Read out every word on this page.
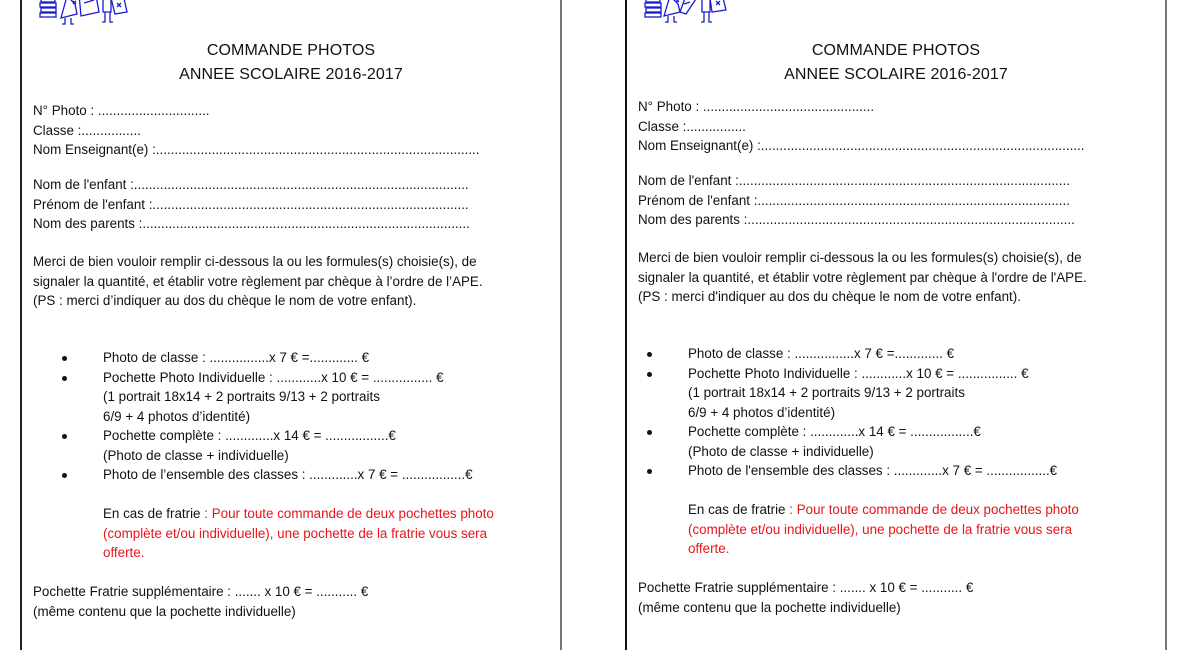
COMMANDE PHOTOS
ANNEE SCOLAIRE 2016-2017
N° Photo : ..............................
Classe :................
Nom Enseignant(e) :.......................................................................................
Nom de l'enfant :..........................................................................................
Prénom de l'enfant :.....................................................................................
Nom des parents :........................................................................................
Merci de bien vouloir remplir ci-dessous la ou les formules(s) choisie(s), de
signaler la quantité, et établir votre règlement par chèque à l’ordre de l’APE.
(PS : merci d’indiquer au dos du chèque le nom de votre enfant).
Photo de classe : ................x 7 € =............. €
Pochette Photo Individuelle : ............x 10 € = ................ €
(1 portrait 18x14 + 2 portraits 9/13 + 2 portraits
6/9 + 4 photos d’identité)
Pochette complète : .............x 14 € = .................€
(Photo de classe + individuelle)
Photo de l’ensemble des classes : .............x 7 € = .................€
En cas de fratrie : Pour toute commande de deux pochettes photo
(complète et/ou individuelle), une pochette de la fratrie vous sera
offerte.
Pochette Fratrie supplémentaire : ....... x 10 € = ........... €
(même contenu que la pochette individuelle)
COMMANDE PHOTOS
ANNEE SCOLAIRE 2016-2017
N° Photo : ..............................................
Classe :................
Nom Enseignant(e) :.......................................................................................
Nom de l'enfant :.........................................................................................
Prénom de l'enfant :....................................................................................
Nom des parents :........................................................................................
Merci de bien vouloir remplir ci-dessous la ou les formules(s) choisie(s), de
signaler la quantité, et établir votre règlement par chèque à l'ordre de l'APE.
(PS : merci d'indiquer au dos du chèque le nom de votre enfant).
Photo de classe : ................x 7 € =............. €
Pochette Photo Individuelle : ............x 10 € = ................ €
(1 portrait 18x14 + 2 portraits 9/13 + 2 portraits
6/9 + 4 photos d’identité)
Pochette complète : .............x 14 € = .................€
(Photo de classe + individuelle)
Photo de l'ensemble des classes : .............x 7 € = .................€
En cas de fratrie : Pour toute commande de deux pochettes photo
(complète et/ou individuelle), une pochette de la fratrie vous sera
offerte.
Pochette Fratrie supplémentaire : ....... x 10 € = ........... €
(même contenu que la pochette individuelle)
